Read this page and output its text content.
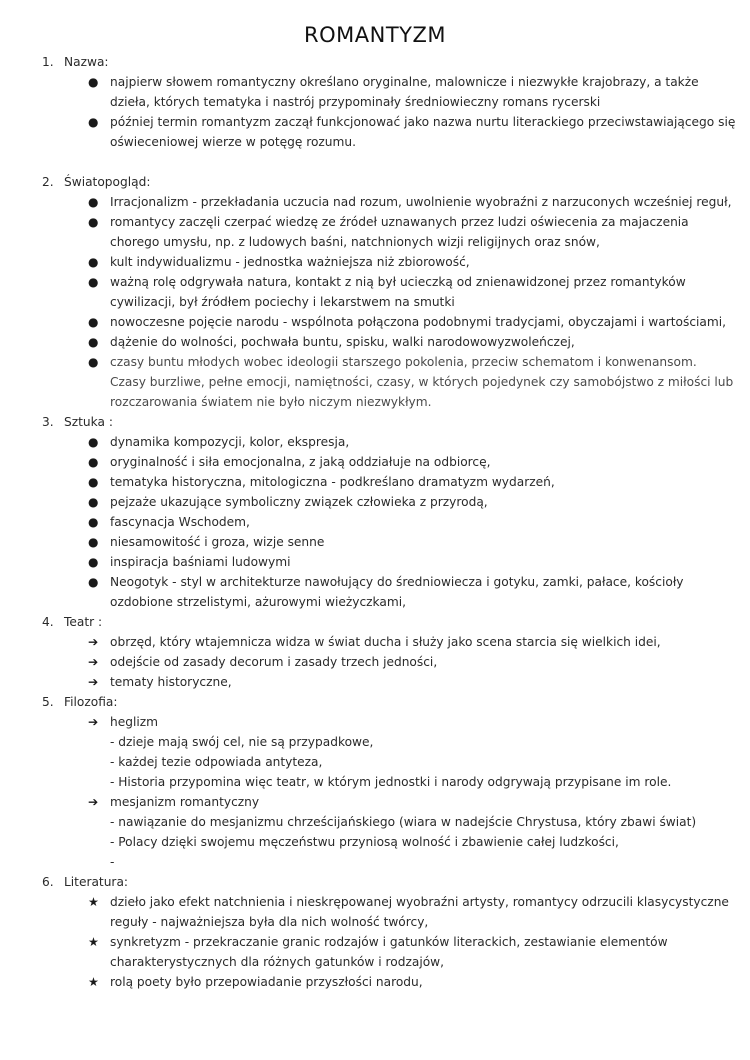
ROMANTYZM
1. Nazwa:
● najpierw słowem romantyczny określano oryginalne, malownicze i niezwykłe krajobrazy, a także dzieła, których tematyka i nastrój przypominały średniowieczny romans rycerski
● później termin romantyzm zaczął funkcjonować jako nazwa nurtu literackiego przeciwstawiającego się oświeceniowej wierze w potęgę rozumu.
2. Światopogląd:
● Irracjonalizm - przekładania uczucia nad rozum, uwolnienie wyobraźni z narzuconych wcześniej reguł,
● romantycy zaczęli czerpać wiedzę ze źródeł uznawanych przez ludzi oświecenia za majaczenia chorego umysłu, np. z ludowych baśni, natchnionych wizji religijnych oraz snów,
● kult indywidualizmu - jednostka ważniejsza niż zbiorowość,
● ważną rolę odgrywała natura, kontakt z nią był ucieczką od znienawidzonej przez romantyków cywilizacji, był źródłem pociechy i lekarstwem na smutki
● nowoczesne pojęcie narodu - wspólnota połączona podobnymi tradycjami, obyczajami i wartościami,
● dążenie do wolności, pochwała buntu, spisku, walki narodowowyzwoleńczej,
● czasy buntu młodych wobec ideologii starszego pokolenia, przeciw schematom i konwenansom. Czasy burzliwe, pełne emocji, namiętności, czasy, w których pojedynek czy samobójstwo z miłości lub rozczarowania światem nie było niczym niezwykłym.
3. Sztuka :
● dynamika kompozycji, kolor, ekspresja,
● oryginalność i siła emocjonalna, z jaką oddziałuje na odbiorcę,
● tematyka historyczna, mitologiczna - podkreślano dramatyzm wydarzeń,
● pejzaże ukazujące symboliczny związek człowieka z przyrodą,
● fascynacja Wschodem,
● niesamowitość i groza, wizje senne
● inspiracja baśniami ludowymi
● Neogotyk - styl w architekturze nawołujący do średniowiecza i gotyku, zamki, pałace, kościoły ozdobione strzelistymi, ażurowymi wieżyczkami,
4. Teatr :
➔ obrzęd, który wtajemnicza widza w świat ducha i służy jako scena starcia się wielkich idei,
➔ odejście od zasady decorum i zasady trzech jedności,
➔ tematy historyczne,
5. Filozofia:
➔ heglizm
- dzieje mają swój cel, nie są przypadkowe,
- każdej tezie odpowiada antyteza,
- Historia przypomina więc teatr, w którym jednostki i narody odgrywają przypisane im role.
➔ mesjanizm romantyczny
- nawiązanie do mesjanizmu chrześcijańskiego (wiara w nadejście Chrystusa, który zbawi świat)
- Polacy dzięki swojemu męczeństwu przyniosą wolność i zbawienie całej ludzkości,
-
6. Literatura:
★ dzieło jako efekt natchnienia i nieskrępowanej wyobraźni artysty, romantycy odrzucili klasycystyczne reguły - najważniejsza była dla nich wolność twórcy,
★ synkretyzm - przekraczanie granic rodzajów i gatunków literackich, zestawianie elementów charakterystycznych dla różnych gatunków i rodzajów,
★ rolą poety było przepowiadanie przyszłości narodu,
